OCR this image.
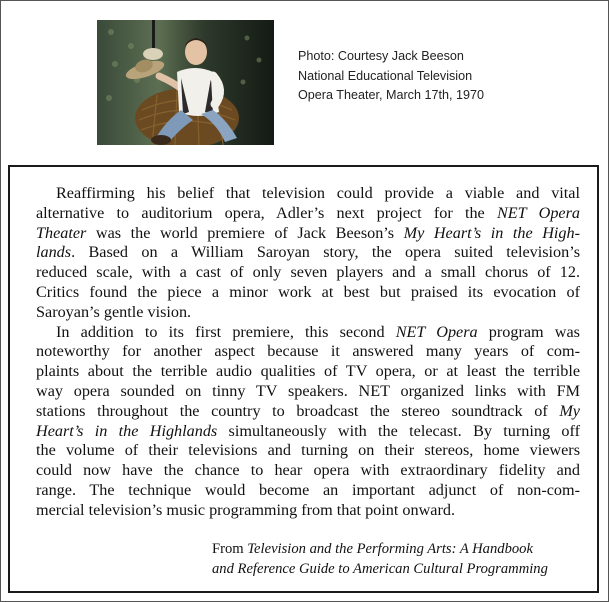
Photo: Courtesy Jack Beeson
National Educational Television
Opera Theater, March 17th, 1970
Reaffirming his belief that television could provide a viable and vital
alternative to auditorium opera, Adler’s next project for the NET Opera
Theater was the world premiere of Jack Beeson’s My Heart’s in the High-
lands. Based on a William Saroyan story, the opera suited television’s
reduced scale, with a cast of only seven players and a small chorus of 12.
Critics found the piece a minor work at best but praised its evocation of
Saroyan’s gentle vision.
In addition to its first premiere, this second NET Opera program was
noteworthy for another aspect because it answered many years of com-
plaints about the terrible audio qualities of TV opera, or at least the terrible
way opera sounded on tinny TV speakers. NET organized links with FM
stations throughout the country to broadcast the stereo soundtrack of My
Heart’s in the Highlands simultaneously with the telecast. By turning off
the volume of their televisions and turning on their stereos, home viewers
could now have the chance to hear opera with extraordinary fidelity and
range. The technique would become an important adjunct of non-com-
mercial television’s music programming from that point onward.
From Television and the Performing Arts: A Handbook
and Reference Guide to American Cultural Programming
